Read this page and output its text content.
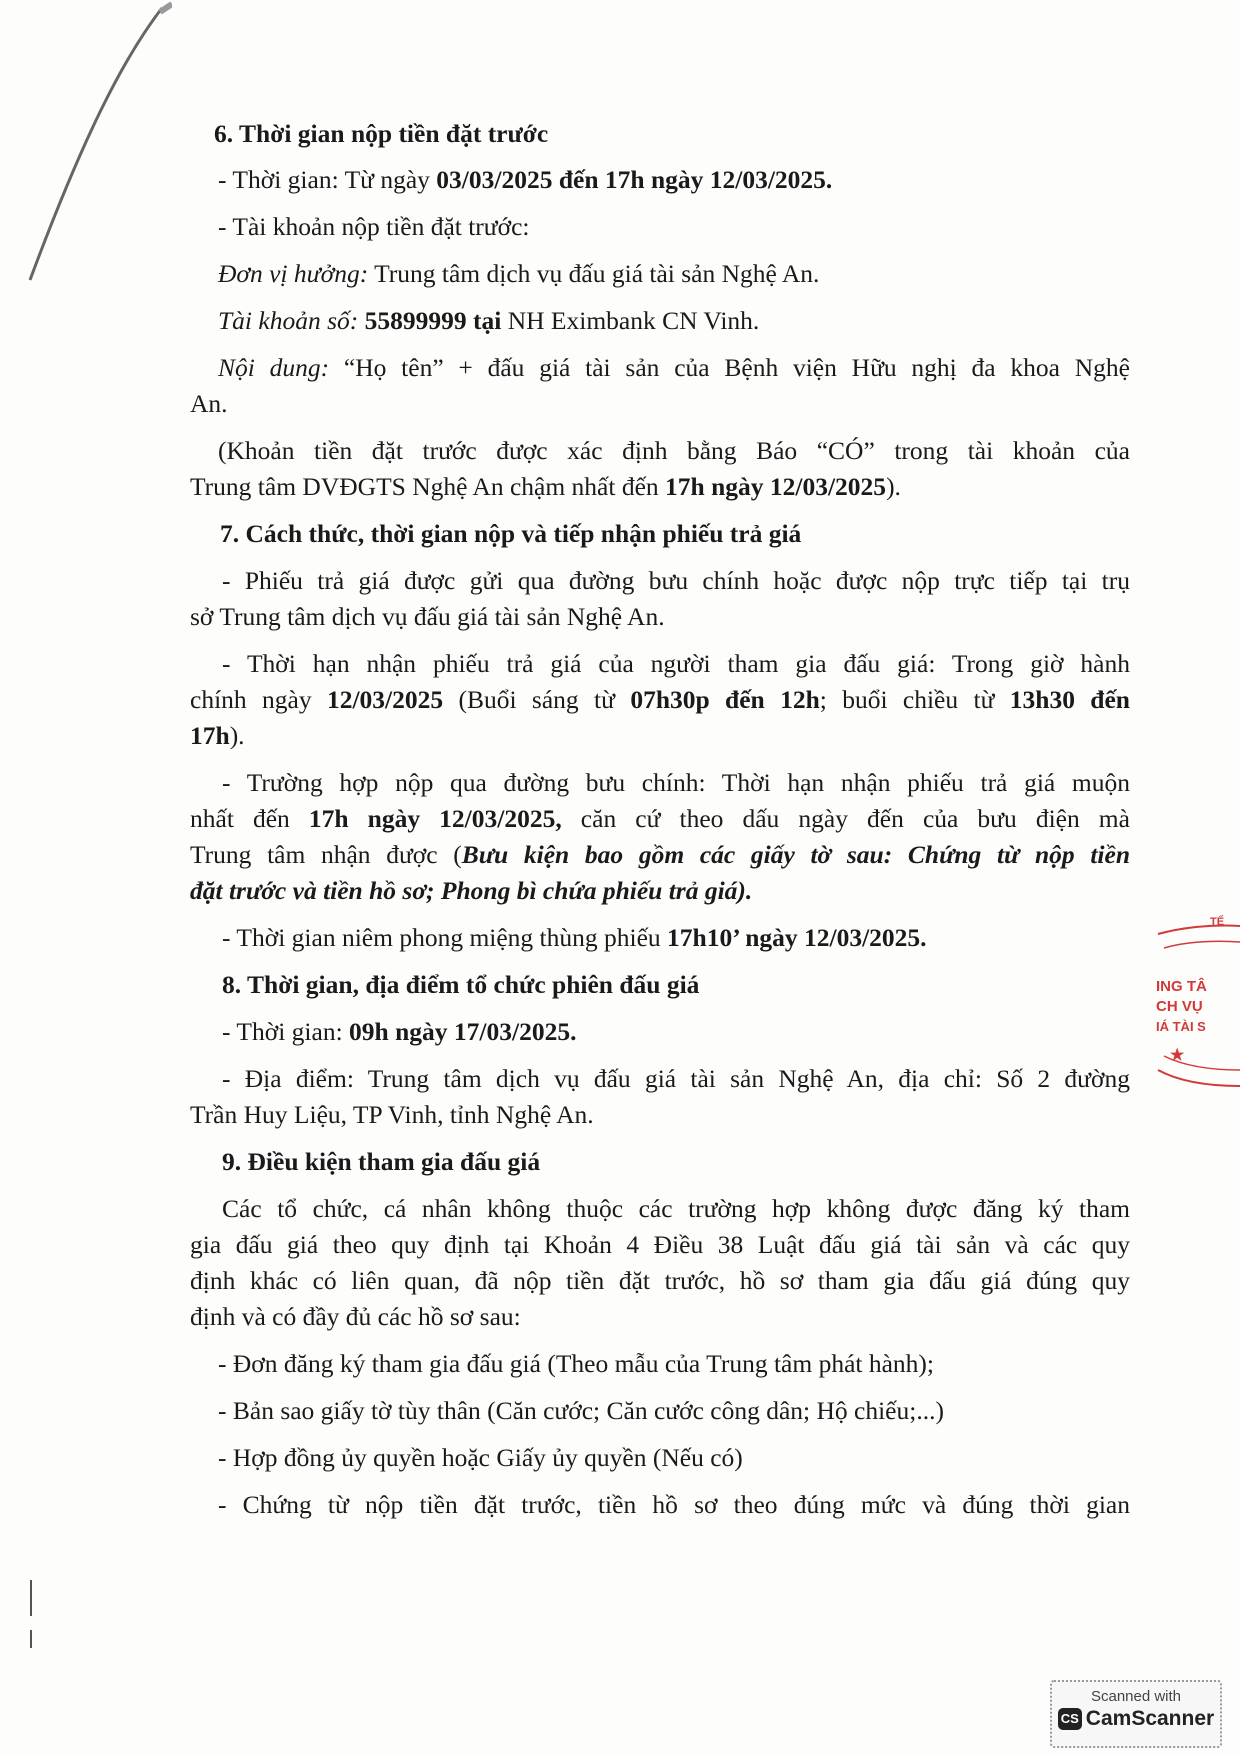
6. Thời gian nộp tiền đặt trước
- Thời gian: Từ ngày 03/03/2025 đến 17h ngày 12/03/2025.
- Tài khoản nộp tiền đặt trước:
Đơn vị hưởng: Trung tâm dịch vụ đấu giá tài sản Nghệ An.
Tài khoản số: 55899999 tại NH Eximbank CN Vinh.
Nội dung: “Họ tên” + đấu giá tài sản của Bệnh viện Hữu nghị đa khoa Nghệ
An.
(Khoản tiền đặt trước được xác định bằng Báo “CÓ” trong tài khoản của
Trung tâm DVĐGTS Nghệ An chậm nhất đến 17h ngày 12/03/2025).
7. Cách thức, thời gian nộp và tiếp nhận phiếu trả giá
- Phiếu trả giá được gửi qua đường bưu chính hoặc được nộp trực tiếp tại trụ
sở Trung tâm dịch vụ đấu giá tài sản Nghệ An.
- Thời hạn nhận phiếu trả giá của người tham gia đấu giá: Trong giờ hành
chính ngày 12/03/2025 (Buổi sáng từ 07h30p đến 12h; buổi chiều từ 13h30 đến
17h).
- Trường hợp nộp qua đường bưu chính: Thời hạn nhận phiếu trả giá muộn
nhất đến 17h ngày 12/03/2025, căn cứ theo dấu ngày đến của bưu điện mà
Trung tâm nhận được (Bưu kiện bao gồm các giấy tờ sau: Chứng từ nộp tiền
đặt trước và tiền hồ sơ; Phong bì chứa phiếu trả giá).
- Thời gian niêm phong miệng thùng phiếu 17h10’ ngày 12/03/2025.
8. Thời gian, địa điểm tổ chức phiên đấu giá
- Thời gian: 09h ngày 17/03/2025.
- Địa điểm: Trung tâm dịch vụ đấu giá tài sản Nghệ An, địa chỉ: Số 2 đường
Trần Huy Liệu, TP Vinh, tỉnh Nghệ An.
9. Điều kiện tham gia đấu giá
Các tổ chức, cá nhân không thuộc các trường hợp không được đăng ký tham
gia đấu giá theo quy định tại Khoản 4 Điều 38 Luật đấu giá tài sản và các quy
định khác có liên quan, đã nộp tiền đặt trước, hồ sơ tham gia đấu giá đúng quy
định và có đầy đủ các hồ sơ sau:
- Đơn đăng ký tham gia đấu giá (Theo mẫu của Trung tâm phát hành);
- Bản sao giấy tờ tùy thân (Căn cước; Căn cước công dân; Hộ chiếu;...)
- Hợp đồng ủy quyền hoặc Giấy ủy quyền (Nếu có)
- Chứng từ nộp tiền đặt trước, tiền hồ sơ theo đúng mức và đúng thời gian
★
TẾ
ING TÂ
CH VỤ
IÁ TÀI S
Scanned with
CS CamScanner
